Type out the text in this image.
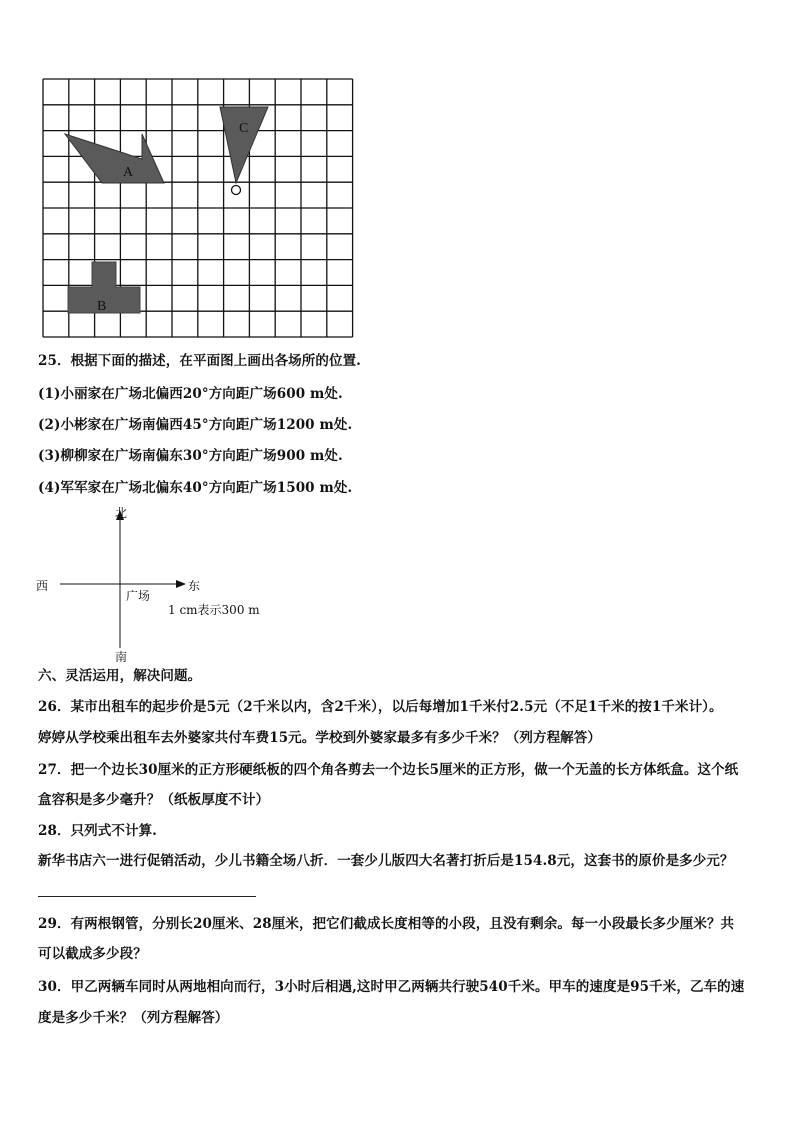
A
B
C
25．根据下面的描述，在平面图上画出各场所的位置.
(1)小丽家在广场北偏西20°方向距广场600 m处.
(2)小彬家在广场南偏西45°方向距广场1200 m处.
(3)柳柳家在广场南偏东30°方向距广场900 m处.
(4)军军家在广场北偏东40°方向距广场1500 m处.
北
南
东
西
广场
1 cm表示300 m
六、灵活运用，解决问题。
26．某市出租车的起步价是5元（2千米以内，含2千米），以后每增加1千米付2.5元（不足1千米的按1千米计）。
婷婷从学校乘出租车去外婆家共付车费15元。学校到外婆家最多有多少千米？（列方程解答）
27．把一个边长30厘米的正方形硬纸板的四个角各剪去一个边长5厘米的正方形，做一个无盖的长方体纸盒。这个纸
盒容积是多少毫升？（纸板厚度不计）
28．只列式不计算.
新华书店六一进行促销活动，少儿书籍全场八折．一套少儿版四大名著打折后是154.8元，这套书的原价是多少元？
29．有两根钢管，分别长20厘米、28厘米，把它们截成长度相等的小段，且没有剩余。每一小段最长多少厘米？共
可以截成多少段？
30．甲乙两辆车同时从两地相向而行，3小时后相遇,这时甲乙两辆共行驶540千米。甲车的速度是95千米，乙车的速
度是多少千米？（列方程解答）
